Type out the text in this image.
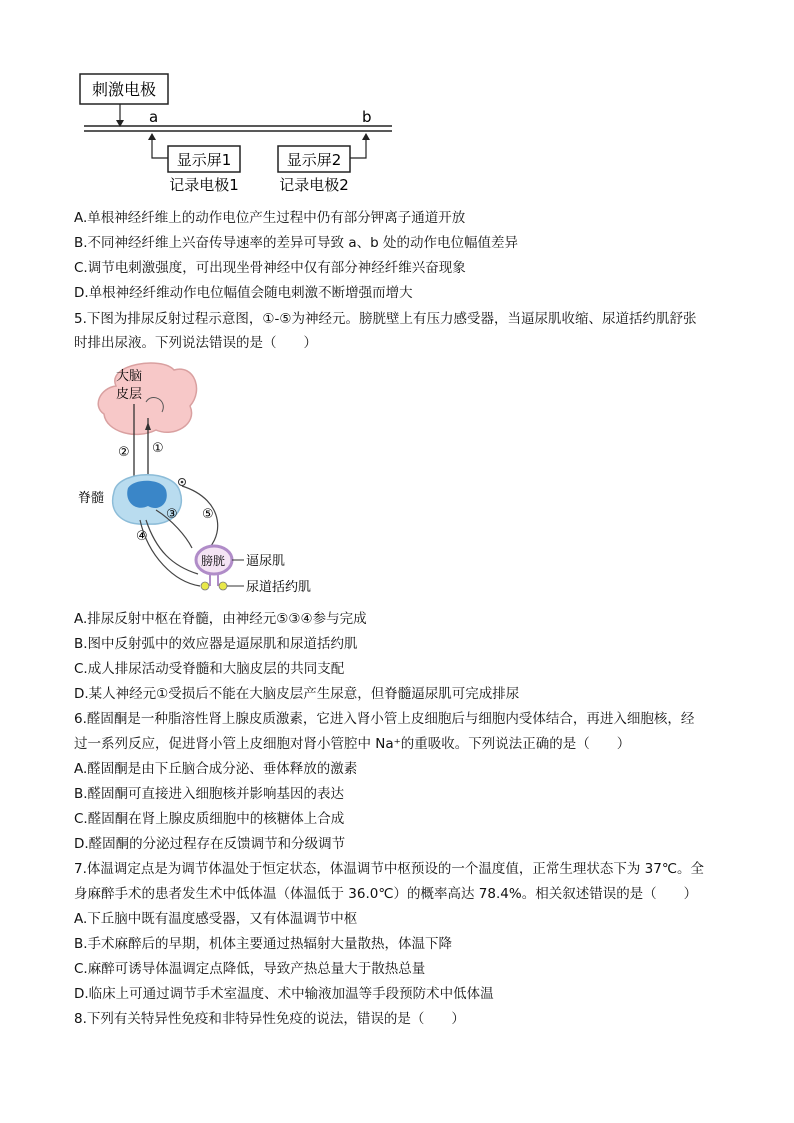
刺激电极
a	b
显示屏1
记录电极1
显示屏2
记录电极2
A.单根神经纤维上的动作电位产生过程中仍有部分钾离子通道开放
B.不同神经纤维上兴奋传导速率的差异可导致 a、b 处的动作电位幅值差异
C.调节电刺激强度，可出现坐骨神经中仅有部分神经纤维兴奋现象
D.单根神经纤维动作电位幅值会随电刺激不断增强而增大
5.下图为排尿反射过程示意图，①-⑤为神经元。膀胱壁上有压力感受器，当逼尿肌收缩、尿道括约肌舒张
时排出尿液。下列说法错误的是（　　）
大脑
皮层
② ①
脊髓
③ ⑤
④
膀胱 逼尿肌
尿道括约肌
A.排尿反射中枢在脊髓，由神经元⑤③④参与完成
B.图中反射弧中的效应器是逼尿肌和尿道括约肌
C.成人排尿活动受脊髓和大脑皮层的共同支配
D.某人神经元①受损后不能在大脑皮层产生尿意，但脊髓逼尿肌可完成排尿
6.醛固酮是一种脂溶性肾上腺皮质激素，它进入肾小管上皮细胞后与细胞内受体结合，再进入细胞核，经
过一系列反应，促进肾小管上皮细胞对肾小管腔中 Na⁺的重吸收。下列说法正确的是（　　）
A.醛固酮是由下丘脑合成分泌、垂体释放的激素
B.醛固酮可直接进入细胞核并影响基因的表达
C.醛固酮在肾上腺皮质细胞中的核糖体上合成
D.醛固酮的分泌过程存在反馈调节和分级调节
7.体温调定点是为调节体温处于恒定状态，体温调节中枢预设的一个温度值，正常生理状态下为 37℃。全
身麻醉手术的患者发生术中低体温（体温低于 36.0℃）的概率高达 78.4%。相关叙述错误的是（　　）
A.下丘脑中既有温度感受器，又有体温调节中枢
B.手术麻醉后的早期，机体主要通过热辐射大量散热，体温下降
C.麻醉可诱导体温调定点降低，导致产热总量大于散热总量
D.临床上可通过调节手术室温度、术中输液加温等手段预防术中低体温
8.下列有关特异性免疫和非特异性免疫的说法，错误的是（　　）
